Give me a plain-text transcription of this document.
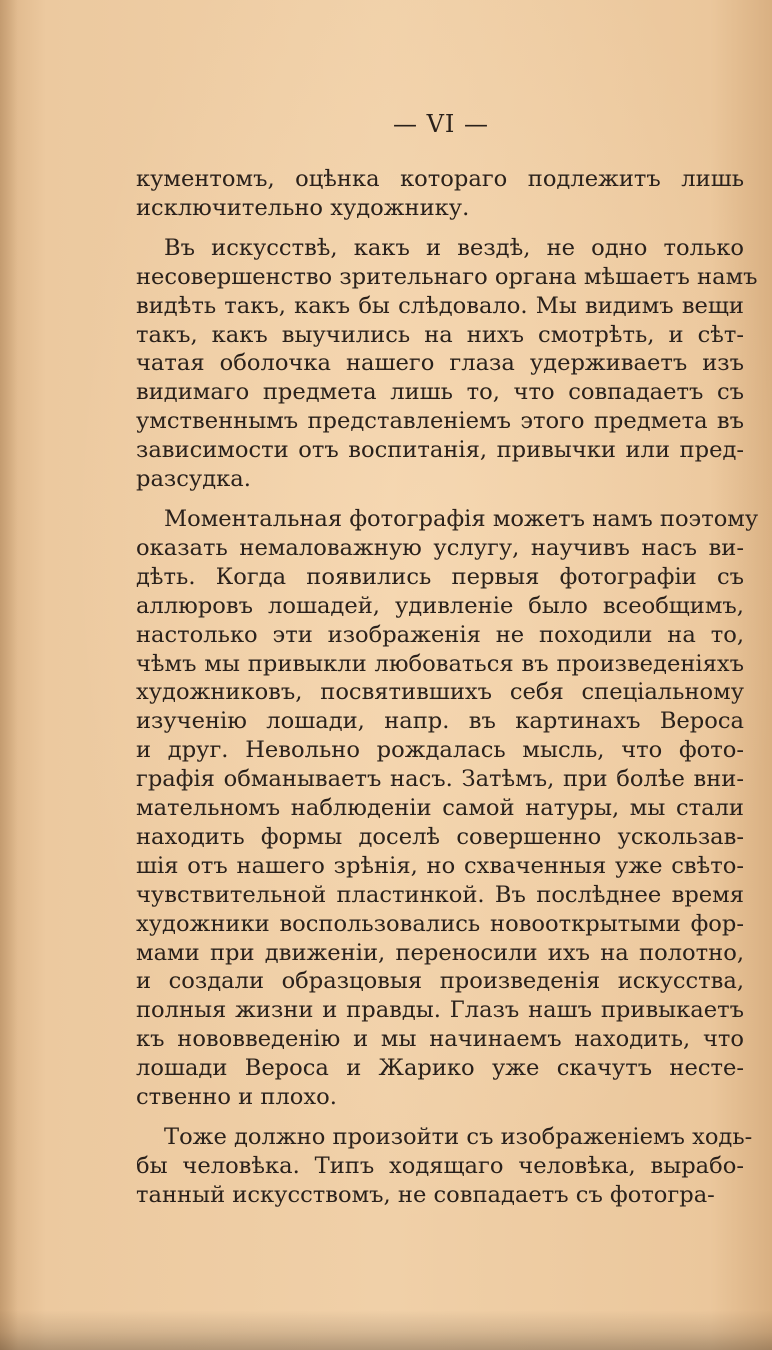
— VI —

кументомъ, оцѣнка котораго подлежитъ лишь
исключительно художнику.

Въ искусствѣ, какъ и вездѣ, не одно только
несовершенство зрительнаго органа мѣшаетъ намъ
видѣть такъ, какъ бы слѣдовало. Мы видимъ вещи
такъ, какъ выучились на нихъ смотрѣть, и сѣт-
чатая оболочка нашего глаза удерживаетъ изъ
видимаго предмета лишь то, что совпадаетъ съ
умственнымъ представленіемъ этого предмета въ
зависимости отъ воспитанія, привычки или пред-
разсудка.

Моментальная фотографія можетъ намъ поэтому
оказать немаловажную услугу, научивъ насъ ви-
дѣть. Когда появились первыя фотографіи съ
аллюровъ лошадей, удивленіе было всеобщимъ,
настолько эти изображенія не походили на то,
чѣмъ мы привыкли любоваться въ произведеніяхъ
художниковъ, посвятившихъ себя спеціальному
изученію лошади, напр. въ картинахъ Вероса
и друг. Невольно рождалась мысль, что фото-
графія обманываетъ насъ. Затѣмъ, при болѣе вни-
мательномъ наблюденіи самой натуры, мы стали
находить формы доселѣ совершенно ускользав-
шія отъ нашего зрѣнія, но схваченныя уже свѣто-
чувствительной пластинкой. Въ послѣднее время
художники воспользовались новооткрытыми фор-
мами при движеніи, переносили ихъ на полотно,
и создали образцовыя произведенія искусства,
полныя жизни и правды. Глазъ нашъ привыкаетъ
къ нововведенію и мы начинаемъ находить, что
лошади Вероса и Жарико уже скачутъ несте-
ственно и плохо.

Тоже должно произойти съ изображеніемъ ходь-
бы человѣка. Типъ ходящаго человѣка, вырабо-
танный искусствомъ, не совпадаетъ съ фотогра-
